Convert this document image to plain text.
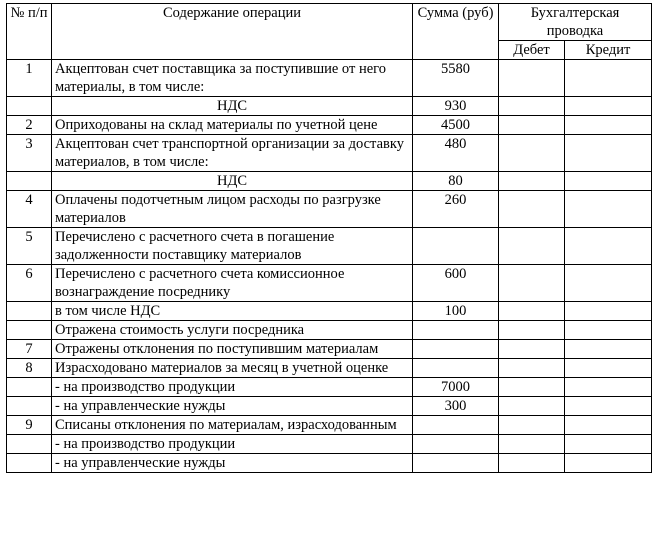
№ п/п	Содержание операции	Сумма (руб)	Бухгалтерская проводка	
			Дебет	Кредит
1	Акцептован счет поставщика за поступившие от него материалы, в том числе:	5580		
	НДС	930		
2	Оприходованы на склад материалы по учетной цене	4500		
3	Акцептован счет транспортной организации за доставку материалов, в том числе:	480		
	НДС	80		
4	Оплачены подотчетным лицом расходы по разгрузке материалов	260		
5	Перечислено с расчетного счета в погашение задолженности поставщику материалов			
6	Перечислено с расчетного счета комиссионное вознаграждение посреднику	600		
	в том числе НДС	100		
	Отражена стоимость услуги посредника			
7	Отражены отклонения по поступившим материалам			
8	Израсходовано материалов за месяц в учетной оценке			
	- на производство продукции	7000		
	- на управленческие нужды	300		
9	Списаны отклонения по материалам, израсходованным			
	- на производство продукции			
	- на управленческие нужды			
